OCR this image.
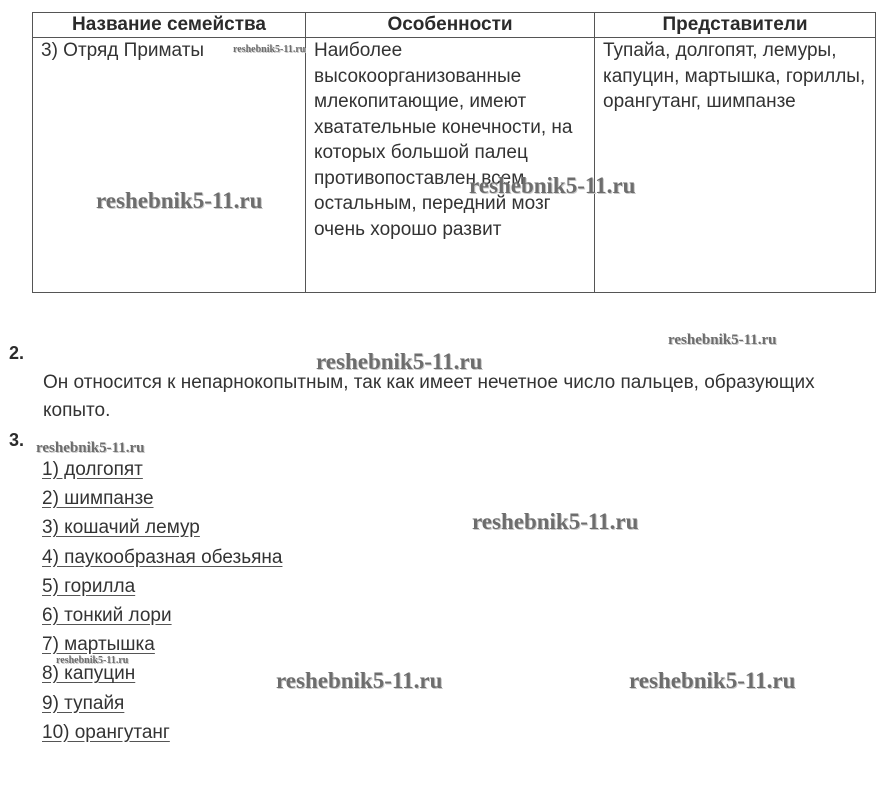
Название семейства	Особенности	Представители
3) Отряд Приматы	Наиболее высокоорганизованные млекопитающие, имеют хватательные конечности, на которых большой палец противопоставлен всем остальным, передний мозг очень хорошо развит	Тупайа, долгопят, лемуры, капуцин, мартышка, гориллы, орангутанг, шимпанзе
2.
Он относится к непарнокопытным, так как имеет нечетное число пальцев, образующих копыто.
3.
1) долгопят
2) шимпанзе
3) кошачий лемур
4) паукообразная обезьяна
5) горилла
6) тонкий лори
7) мартышка
8) капуцин
9) тупайя
10) орангутанг
reshebnik5-11.ru
reshebnik5-11.ru
reshebnik5-11.ru
reshebnik5-11.ru
reshebnik5-11.ru
reshebnik5-11.ru
reshebnik5-11.ru
reshebnik5-11.ru
reshebnik5-11.ru	reshebnik5-11.ru
